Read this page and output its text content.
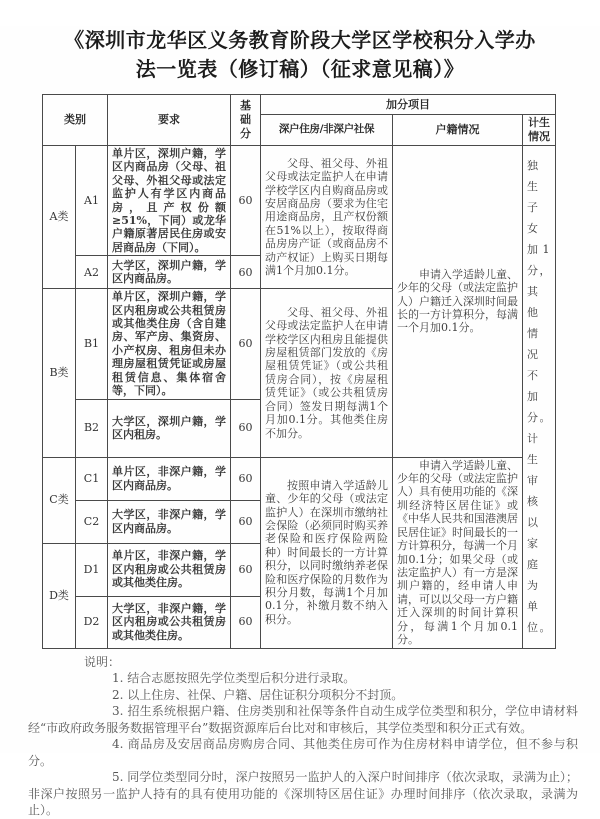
《深圳市龙华区义务教育阶段大学区学校积分入学办法一览表（修订稿）（征求意见稿）》
类别		要求	基础分	加分项目		
				深户住房/非深户社保	户籍情况	计生情况
A类	A1	单片区，深圳户籍，学区内商品房（父母、祖父母、外祖父母或法定监护人有学区内商品房，且产权份额≥51%，下同）或龙华户籍原著居民住房或安居商品房（下同）。	60	父母、祖父母、外祖父母或法定监护人在申请学校学区内自购商品房或安居商品房（要求为住宅用途商品房，且产权份额在51%以上），按取得商品房房产证（或商品房不动产权证）上购买日期每满1个月加0.1分。	申请入学适龄儿童、少年的父母（或法定监护人）户籍迁入深圳时间最长的一方计算积分，每满一个月加0.1分。	独生子女加1分，其他情况不加分。计生审核以家庭为单位。
	A2	大学区，深圳户籍，学区内商品房。	60			
B类	B1	单片区，深圳户籍，学区内租房或公共租赁房或其他类住房（含自建房、军产房、集资房、小产权房、租房但未办理房屋租赁凭证或房屋租赁信息、集体宿舍等，下同）。	60	父母、祖父母、外祖父母或法定监护人在申请学校学区内租房且能提供房屋租赁部门发放的《房屋租赁凭证》（或公共租赁房合同），按《房屋租赁凭证》（或公共租赁房合同）签发日期每满1个月加0.1分。其他类住房不加分。		
	B2	大学区，深圳户籍，学区内租房。	60			
C类	C1	单片区，非深户籍，学区内商品房。	60	按照申请入学适龄儿童、少年的父母（或法定监护人）在深圳市缴纳社会保险（必须同时购买养老保险和医疗保险两险种）时间最长的一方计算积分，以同时缴纳养老保险和医疗保险的月数作为积分月数，每满1个月加0.1分，补缴月数不纳入积分。	申请入学适龄儿童、少年的父母（或法定监护人）具有使用功能的《深圳经济特区居住证》或《中华人民共和国港澳居民居住证》时间最长的一方计算积分，每满一个月加0.1分；如果父母（或法定监护人）有一方是深圳户籍的，经申请人申请，可以以父母一方户籍迁入深圳的时间计算积分，每满1个月加0.1分。	
	C2	大学区，非深户籍，学区内商品房。	60			
D类	D1	单片区，非深户籍，学区内租房或公共租赁房或其他类住房。	60			
	D2	大学区，非深户籍，学区内租房或公共租赁房或其他类住房。	60			
说明：
1. 结合志愿按照先学位类型后积分进行录取。
2. 以上住房、社保、户籍、居住证积分项积分不封顶。
3. 招生系统根据户籍、住房类别和社保等条件自动生成学位类型和积分，学位申请材料经“市政府政务服务数据管理平台”数据资源库后台比对和审核后，其学位类型和积分正式有效。
4. 商品房及安居商品房购房合同、其他类住房可作为住房材料申请学位，但不参与积分。
5. 同学位类型同分时，深户按照另一监护人的入深户时间排序（依次录取，录满为止）；非深户按照另一监护人持有的具有使用功能的《深圳特区居住证》办理时间排序（依次录取，录满为止）。
